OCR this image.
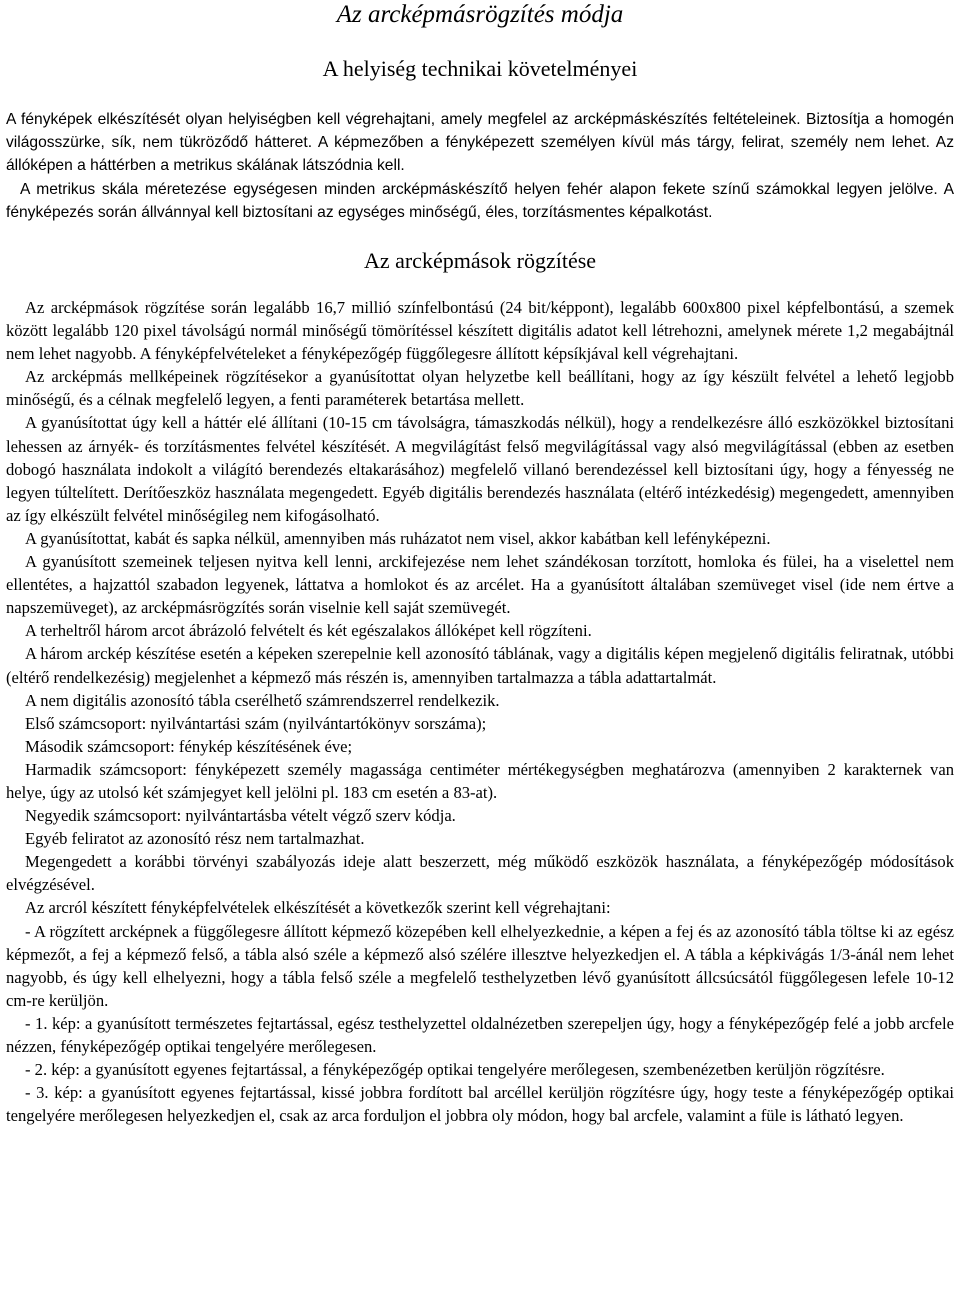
Az arcképmásrögzítés módja
A helyiség technikai követelményei

A fényképek elkészítését olyan helyiségben kell végrehajtani, amely megfelel az arcképmáskészítés feltételeinek. Biztosítja a homogén világosszürke, sík, nem tükröződő hátteret. A képmezőben a fényképezett személyen kívül más tárgy, felirat, személy nem lehet. Az állóképen a háttérben a metrikus skálának látszódnia kell.

A metrikus skála méretezése egységesen minden arcképmáskészítő helyen fehér alapon fekete színű számokkal legyen jelölve. A fényképezés során állvánnyal kell biztosítani az egységes minőségű, éles, torzításmentes képalkotást.

Az arcképmások rögzítése

Az arcképmások rögzítése során legalább 16,7 millió színfelbontású (24 bit/képpont), legalább 600x800 pixel képfelbontású, a szemek között legalább 120 pixel távolságú normál minőségű tömörítéssel készített digitális adatot kell létrehozni, amelynek mérete 1,2 megabájtnál nem lehet nagyobb. A fényképfelvételeket a fényképezőgép függőlegesre állított képsíkjával kell végrehajtani.

Az arcképmás mellképeinek rögzítésekor a gyanúsítottat olyan helyzetbe kell beállítani, hogy az így készült felvétel a lehető legjobb minőségű, és a célnak megfelelő legyen, a fenti paraméterek betartása mellett.

A gyanúsítottat úgy kell a háttér elé állítani (10-15 cm távolságra, támaszkodás nélkül), hogy a rendelkezésre álló eszközökkel biztosítani lehessen az árnyék- és torzításmentes felvétel készítését. A megvilágítást felső megvilágítással vagy alsó megvilágítással (ebben az esetben dobogó használata indokolt a világító berendezés eltakarásához) megfelelő villanó berendezéssel kell biztosítani úgy, hogy a fényesség ne legyen túltelített. Derítőeszköz használata megengedett. Egyéb digitális berendezés használata (eltérő intézkedésig) megengedett, amennyiben az így elkészült felvétel minőségileg nem kifogásolható.

A gyanúsítottat, kabát és sapka nélkül, amennyiben más ruházatot nem visel, akkor kabátban kell lefényképezni.

A gyanúsított szemeinek teljesen nyitva kell lenni, arckifejezése nem lehet szándékosan torzított, homloka és fülei, ha a viselettel nem ellentétes, a hajzattól szabadon legyenek, láttatva a homlokot és az arcélet. Ha a gyanúsított általában szemüveget visel (ide nem értve a napszemüveget), az arcképmásrögzítés során viselnie kell saját szemüvegét.

A terheltről három arcot ábrázoló felvételt és két egészalakos állóképet kell rögzíteni.

A három arckép készítése esetén a képeken szerepelnie kell azonosító táblának, vagy a digitális képen megjelenő digitális feliratnak, utóbbi (eltérő rendelkezésig) megjelenhet a képmező más részén is, amennyiben tartalmazza a tábla adattartalmát.

A nem digitális azonosító tábla cserélhető számrendszerrel rendelkezik.

Első számcsoport: nyilvántartási szám (nyilvántartókönyv sorszáma);

Második számcsoport: fénykép készítésének éve;

Harmadik számcsoport: fényképezett személy magassága centiméter mértékegységben meghatározva (amennyiben 2 karakternek van helye, úgy az utolsó két számjegyet kell jelölni pl. 183 cm esetén a 83-at).

Negyedik számcsoport: nyilvántartásba vételt végző szerv kódja.

Egyéb feliratot az azonosító rész nem tartalmazhat.

Megengedett a korábbi törvényi szabályozás ideje alatt beszerzett, még működő eszközök használata, a fényképezőgép módosítások elvégzésével.

Az arcról készített fényképfelvételek elkészítését a következők szerint kell végrehajtani:

- A rögzített arcképnek a függőlegesre állított képmező közepében kell elhelyezkednie, a képen a fej és az azonosító tábla töltse ki az egész képmezőt, a fej a képmező felső, a tábla alsó széle a képmező alsó szélére illesztve helyezkedjen el. A tábla a képkivágás 1/3-ánál nem lehet nagyobb, és úgy kell elhelyezni, hogy a tábla felső széle a megfelelő testhelyzetben lévő gyanúsított állcsúcsától függőlegesen lefele 10-12 cm-re kerüljön.

- 1. kép: a gyanúsított természetes fejtartással, egész testhelyzettel oldalnézetben szerepeljen úgy, hogy a fényképezőgép felé a jobb arcfele nézzen, fényképezőgép optikai tengelyére merőlegesen.

- 2. kép: a gyanúsított egyenes fejtartással, a fényképezőgép optikai tengelyére merőlegesen, szembenézetben kerüljön rögzítésre.

- 3. kép: a gyanúsított egyenes fejtartással, kissé jobbra fordított bal arcéllel kerüljön rögzítésre úgy, hogy teste a fényképezőgép optikai tengelyére merőlegesen helyezkedjen el, csak az arca forduljon el jobbra oly módon, hogy bal arcfele, valamint a füle is látható legyen.
